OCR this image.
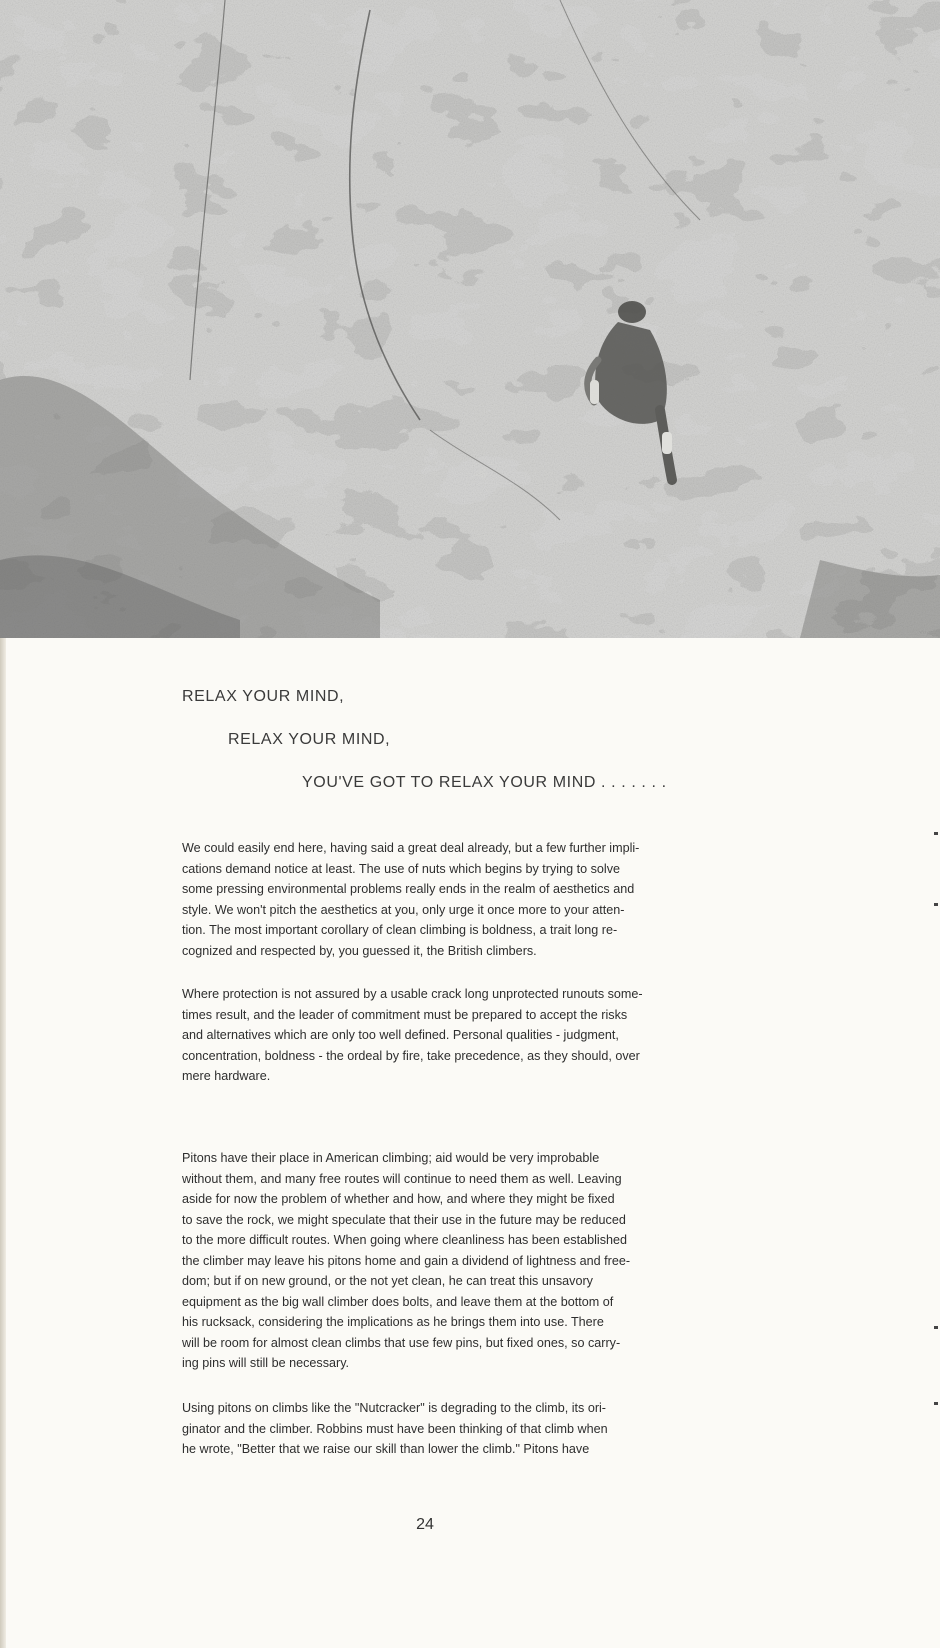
RELAX YOUR MIND,
RELAX YOUR MIND,
YOU'VE GOT TO RELAX YOUR MIND . . . . . . .
We could easily end here, having said a great deal already, but a few further impli-
cations demand notice at least. The use of nuts which begins by trying to solve
some pressing environmental problems really ends in the realm of aesthetics and
style. We won't pitch the aesthetics at you, only urge it once more to your atten-
tion. The most important corollary of clean climbing is boldness, a trait long re-
cognized and respected by, you guessed it, the British climbers.
Where protection is not assured by a usable crack long unprotected runouts some-
times result, and the leader of commitment must be prepared to accept the risks
and alternatives which are only too well defined. Personal qualities - judgment,
concentration, boldness - the ordeal by fire, take precedence, as they should, over
mere hardware.
Pitons have their place in American climbing; aid would be very improbable
without them, and many free routes will continue to need them as well. Leaving
aside for now the problem of whether and how, and where they might be fixed
to save the rock, we might speculate that their use in the future may be reduced
to the more difficult routes. When going where cleanliness has been established
the climber may leave his pitons home and gain a dividend of lightness and free-
dom; but if on new ground, or the not yet clean, he can treat this unsavory
equipment as the big wall climber does bolts, and leave them at the bottom of
his rucksack, considering the implications as he brings them into use. There
will be room for almost clean climbs that use few pins, but fixed ones, so carry-
ing pins will still be necessary.
Using pitons on climbs like the "Nutcracker" is degrading to the climb, its ori-
ginator and the climber. Robbins must have been thinking of that climb when
he wrote, "Better that we raise our skill than lower the climb." Pitons have
24
